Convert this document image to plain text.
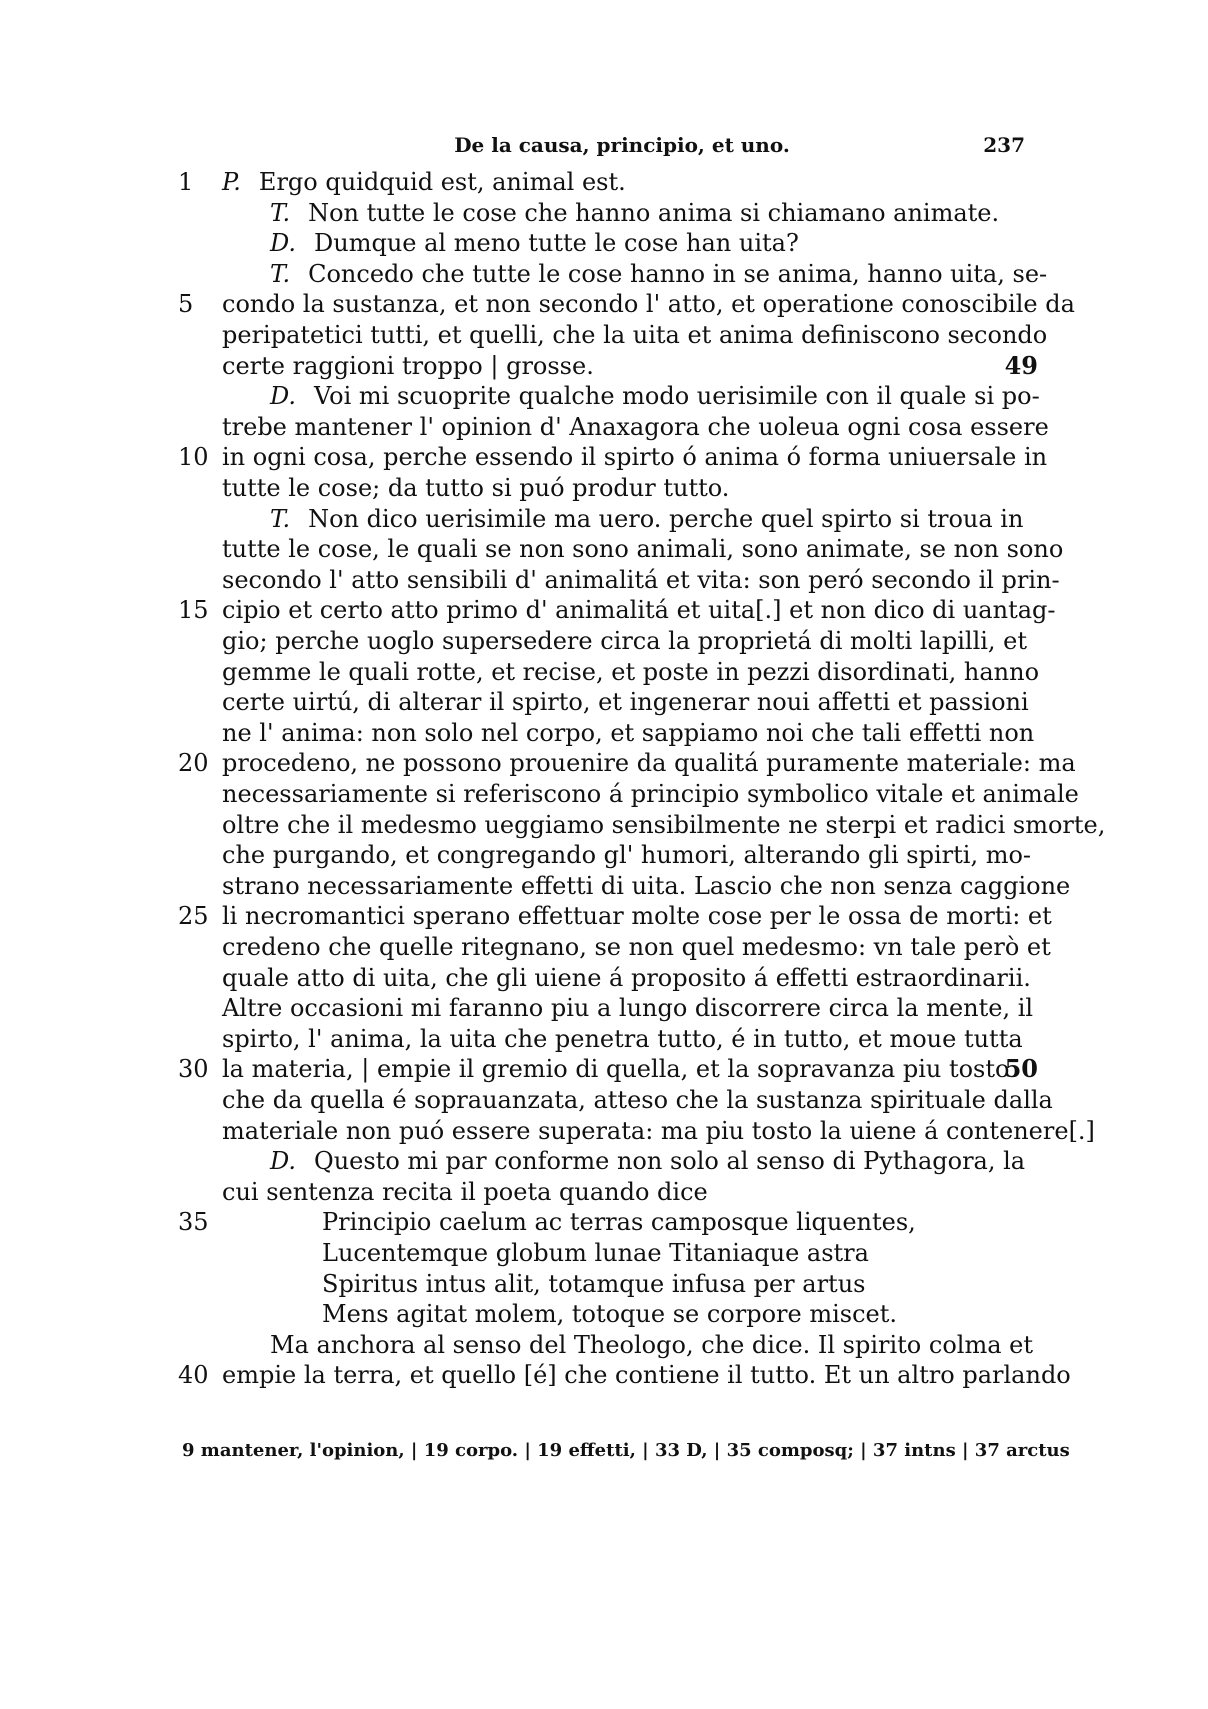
De la causa, principio, et uno.	237
1	P. Ergo quidquid est, animal est.
T. Non tutte le cose che hanno anima si chiamano animate.
D. Dumque al meno tutte le cose han uita?
T. Concedo che tutte le cose hanno in se anima, hanno uita, se-
5	condo la sustanza, et non secondo l' atto, et operatione conoscibile da
peripatetici tutti, et quelli, che la uita et anima definiscono secondo
certe raggioni troppo | grosse.	49
D. Voi mi scuoprite qualche modo uerisimile con il quale si po-
trebe mantener l' opinion d' Anaxagora che uoleua ogni cosa essere
10 in ogni cosa, perche essendo il spirto ó anima ó forma uniuersale in
tutte le cose; da tutto si puó produr tutto.
T. Non dico uerisimile ma uero. perche quel spirto si troua in
tutte le cose, le quali se non sono animali, sono animate, se non sono
secondo l' atto sensibili d' animalitá et vita: son peró secondo il prin-
15 cipio et certo atto primo d' animalitá et uita[.] et non dico di uantag-
gio; perche uoglo supersedere circa la proprietá di molti lapilli, et
gemme le quali rotte, et recise, et poste in pezzi disordinati, hanno
certe uirtú, di alterar il spirto, et ingenerar noui affetti et passioni
ne l' anima: non solo nel corpo, et sappiamo noi che tali effetti non
20 procedeno, ne possono prouenire da qualitá puramente materiale: ma
necessariamente si referiscono á principio symbolico vitale et animale
oltre che il medesmo ueggiamo sensibilmente ne sterpi et radici smorte,
che purgando, et congregando gl' humori, alterando gli spirti, mo-
strano necessariamente effetti di uita. Lascio che non senza caggione
25 li necromantici sperano effettuar molte cose per le ossa de morti: et
credeno che quelle ritegnano, se non quel medesmo: vn tale però et
quale atto di uita, che gli uiene á proposito á effetti estraordinarii.
Altre occasioni mi faranno piu a lungo discorrere circa la mente, il
spirto, l' anima, la uita che penetra tutto, é in tutto, et moue tutta
30 la materia, | empie il gremio di quella, et la sopravanza piu tosto
50
che da quella é soprauanzata, atteso che la sustanza spirituale dalla
materiale non puó essere superata: ma piu tosto la uiene á contenere[.]
D. Questo mi par conforme non solo al senso di Pythagora, la
cui sentenza recita il poeta quando dice
35	Principio caelum ac terras camposque liquentes,
Lucentemque globum lunae Titaniaque astra
Spiritus intus alit, totamque infusa per artus
Mens agitat molem, totoque se corpore miscet.
Ma anchora al senso del Theologo, che dice. Il spirito colma et
40 empie la terra, et quello [é] che contiene il tutto. Et un altro parlando
9 mantener, l'opinion, | 19 corpo. | 19 effetti, | 33 D, | 35 composq; | 37 intns | 37 arctus
